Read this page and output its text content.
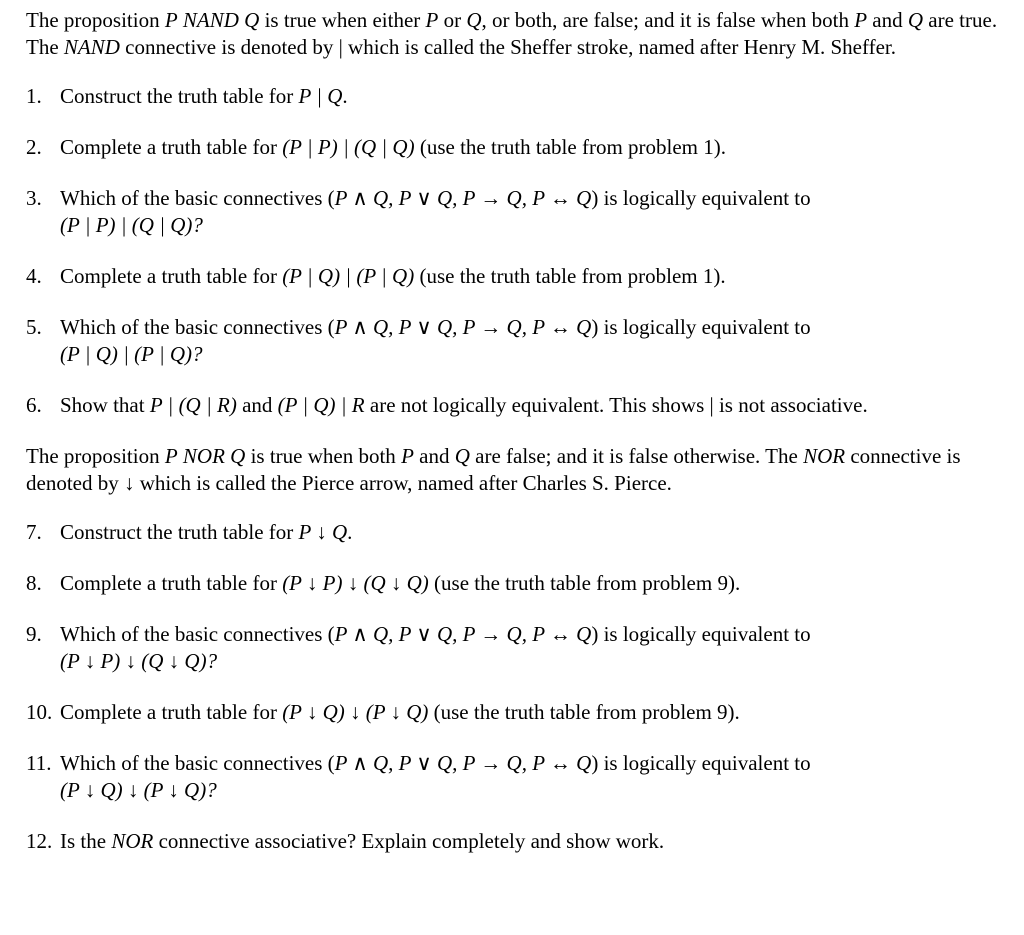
The proposition P NAND Q is true when either P or Q, or both, are false; and it is false when both P and Q are true. The NAND connective is denoted by | which is called the Sheffer stroke, named after Henry M. Sheffer.

1. Construct the truth table for P | Q.
2. Complete a truth table for (P | P) | (Q | Q) (use the truth table from problem 1).
3. Which of the basic connectives (P ∧ Q, P ∨ Q, P → Q, P ↔ Q) is logically equivalent to
(P | P) | (Q | Q)?
4. Complete a truth table for (P | Q) | (P | Q) (use the truth table from problem 1).
5. Which of the basic connectives (P ∧ Q, P ∨ Q, P → Q, P ↔ Q) is logically equivalent to
(P | Q) | (P | Q)?
6. Show that P | (Q | R) and (P | Q) | R are not logically equivalent. This shows | is not associative.

The proposition P NOR Q is true when both P and Q are false; and it is false otherwise. The NOR connective is denoted by ↓ which is called the Pierce arrow, named after Charles S. Pierce.

7. Construct the truth table for P ↓ Q.
8. Complete a truth table for (P ↓ P) ↓ (Q ↓ Q) (use the truth table from problem 9).
9. Which of the basic connectives (P ∧ Q, P ∨ Q, P → Q, P ↔ Q) is logically equivalent to
(P ↓ P) ↓ (Q ↓ Q)?
10. Complete a truth table for (P ↓ Q) ↓ (P ↓ Q) (use the truth table from problem 9).
11. Which of the basic connectives (P ∧ Q, P ∨ Q, P → Q, P ↔ Q) is logically equivalent to
(P ↓ Q) ↓ (P ↓ Q)?
12. Is the NOR connective associative? Explain completely and show work.
